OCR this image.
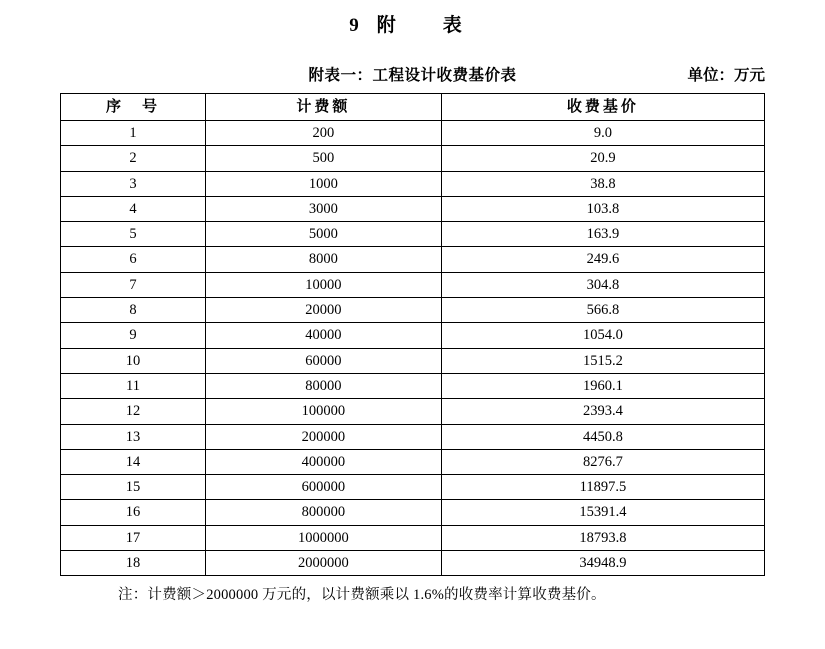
9 附　表
附表一：工程设计收费基价表	单位：万元
序　号	计费额	收费基价
1	200	9.0
2	500	20.9
3	1000	38.8
4	3000	103.8
5	5000	163.9
6	8000	249.6
7	10000	304.8
8	20000	566.8
9	40000	1054.0
10	60000	1515.2
11	80000	1960.1
12	100000	2393.4
13	200000	4450.8
14	400000	8276.7
15	600000	11897.5
16	800000	15391.4
17	1000000	18793.8
18	2000000	34948.9
注：计费额＞2000000 万元的，以计费额乘以 1.6%的收费率计算收费基价。
